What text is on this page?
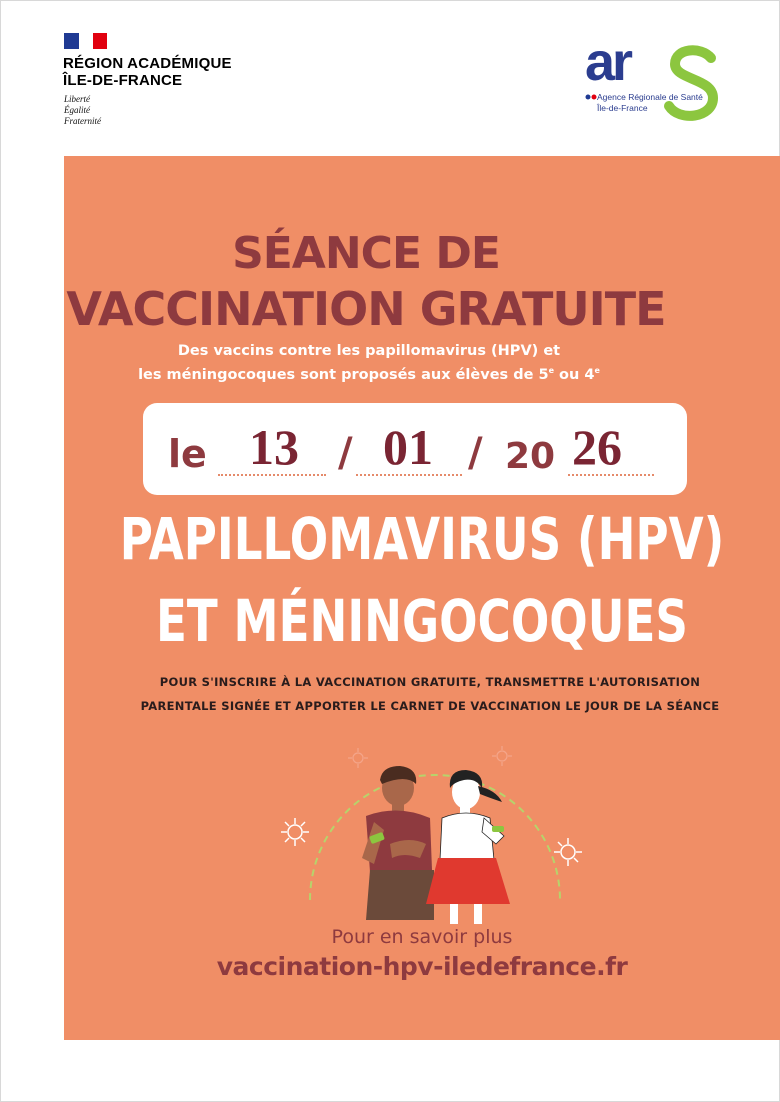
RÉGION ACADÉMIQUE
ÎLE-DE-FRANCE
Liberté
Égalité
Fraternité
ar
Agence Régionale de Santé
Île-de-France
SÉANCE DE
VACCINATION GRATUITE
Des vaccins contre les papillomavirus (HPV) et
les méningocoques sont proposés aux élèves de 5e ou 4e
le 13 / 01 / 20 26
PAPILLOMAVIRUS (HPV)
ET MÉNINGOCOQUES
POUR S'INSCRIRE À LA VACCINATION GRATUITE, TRANSMETTRE L'AUTORISATION
PARENTALE SIGNÉE ET APPORTER LE CARNET DE VACCINATION LE JOUR DE LA SÉANCE
Pour en savoir plus
vaccination-hpv-iledefrance.fr
